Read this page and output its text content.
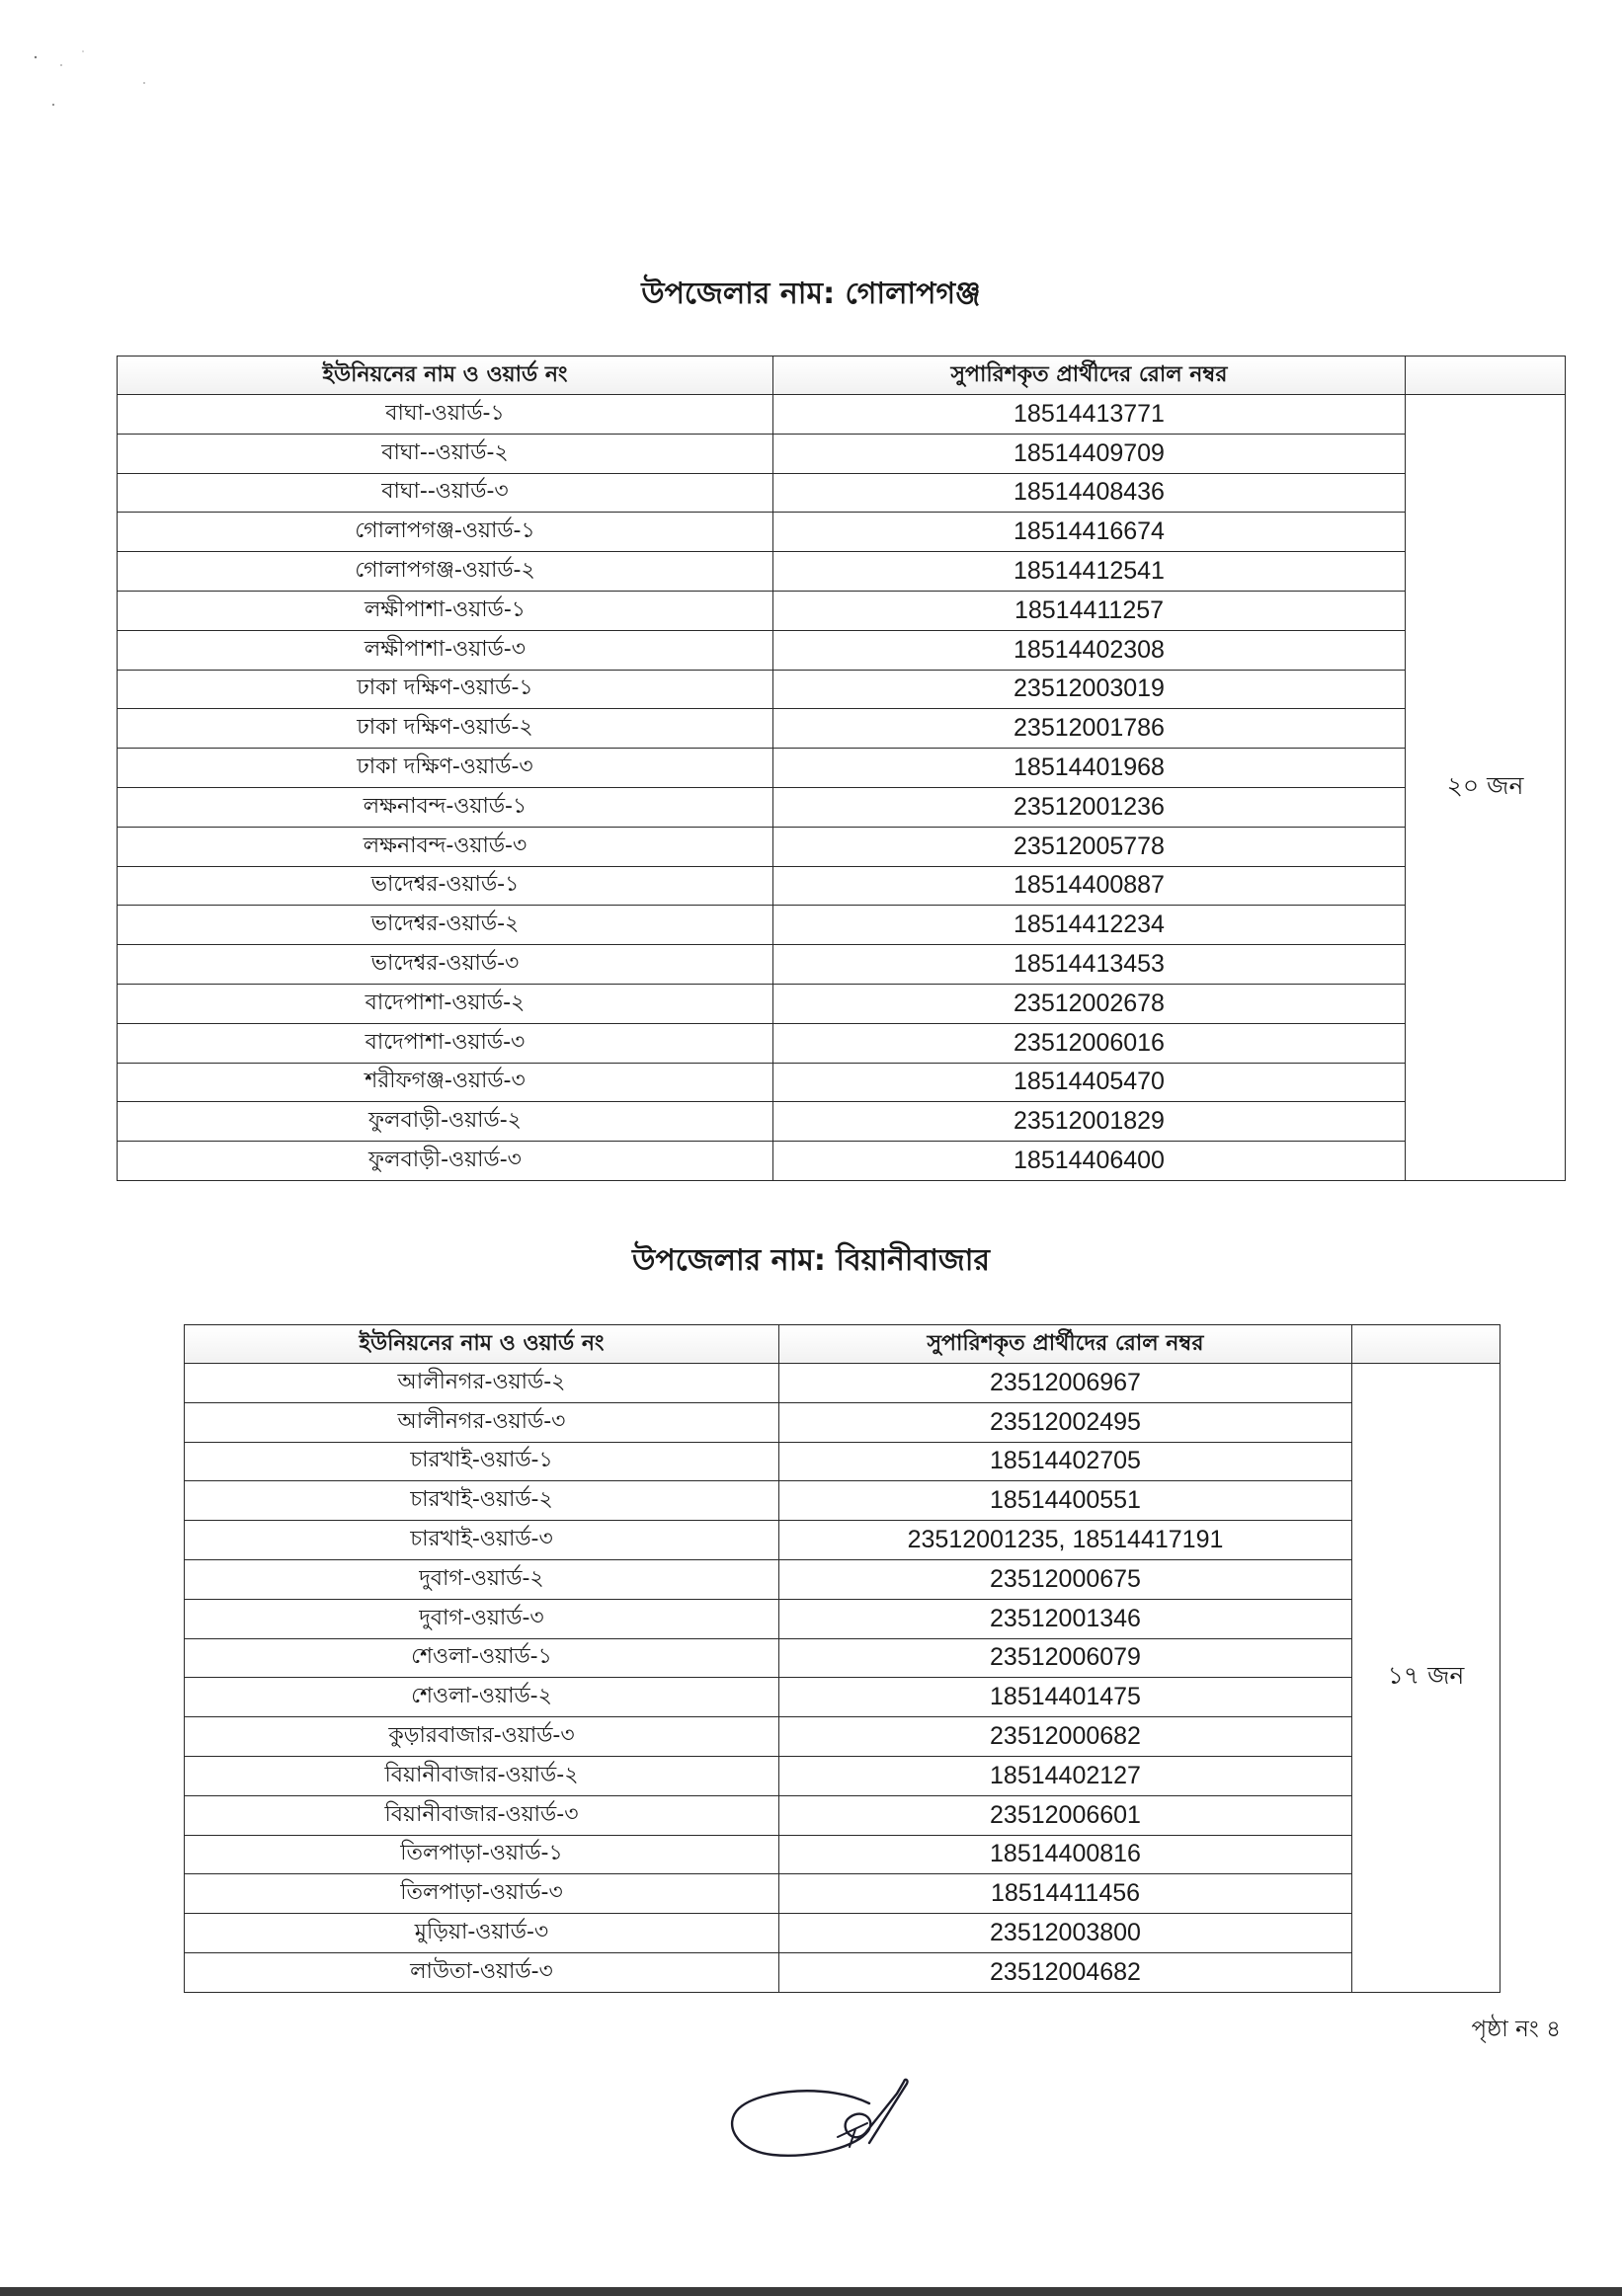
উপজেলার নাম: গোলাপগঞ্জ
ইউনিয়নের নাম ও ওয়ার্ড নং	সুপারিশকৃত প্রার্থীদের রোল নম্বর	
বাঘা-ওয়ার্ড-১	18514413771	২০ জন
বাঘা--ওয়ার্ড-২	18514409709	
বাঘা--ওয়ার্ড-৩	18514408436	
গোলাপগঞ্জ-ওয়ার্ড-১	18514416674	
গোলাপগঞ্জ-ওয়ার্ড-২	18514412541	
লক্ষীপাশা-ওয়ার্ড-১	18514411257	
লক্ষীপাশা-ওয়ার্ড-৩	18514402308	
ঢাকা দক্ষিণ-ওয়ার্ড-১	23512003019	
ঢাকা দক্ষিণ-ওয়ার্ড-২	23512001786	
ঢাকা দক্ষিণ-ওয়ার্ড-৩	18514401968	
লক্ষনাবন্দ-ওয়ার্ড-১	23512001236	
লক্ষনাবন্দ-ওয়ার্ড-৩	23512005778	
ভাদেশ্বর-ওয়ার্ড-১	18514400887	
ভাদেশ্বর-ওয়ার্ড-২	18514412234	
ভাদেশ্বর-ওয়ার্ড-৩	18514413453	
বাদেপাশা-ওয়ার্ড-২	23512002678	
বাদেপাশা-ওয়ার্ড-৩	23512006016	
শরীফগঞ্জ-ওয়ার্ড-৩	18514405470	
ফুলবাড়ী-ওয়ার্ড-২	23512001829	
ফুলবাড়ী-ওয়ার্ড-৩	18514406400	
উপজেলার নাম: বিয়ানীবাজার
ইউনিয়নের নাম ও ওয়ার্ড নং	সুপারিশকৃত প্রার্থীদের রোল নম্বর	
আলীনগর-ওয়ার্ড-২	23512006967	১৭ জন
আলীনগর-ওয়ার্ড-৩	23512002495	
চারখাই-ওয়ার্ড-১	18514402705	
চারখাই-ওয়ার্ড-২	18514400551	
চারখাই-ওয়ার্ড-৩	23512001235, 18514417191	
দুবাগ-ওয়ার্ড-২	23512000675	
দুবাগ-ওয়ার্ড-৩	23512001346	
শেওলা-ওয়ার্ড-১	23512006079	
শেওলা-ওয়ার্ড-২	18514401475	
কুড়ারবাজার-ওয়ার্ড-৩	23512000682	
বিয়ানীবাজার-ওয়ার্ড-২	18514402127	
বিয়ানীবাজার-ওয়ার্ড-৩	23512006601	
তিলপাড়া-ওয়ার্ড-১	18514400816	
তিলপাড়া-ওয়ার্ড-৩	18514411456	
মুড়িয়া-ওয়ার্ড-৩	23512003800	
লাউতা-ওয়ার্ড-৩	23512004682	
পৃষ্ঠা নং ৪
